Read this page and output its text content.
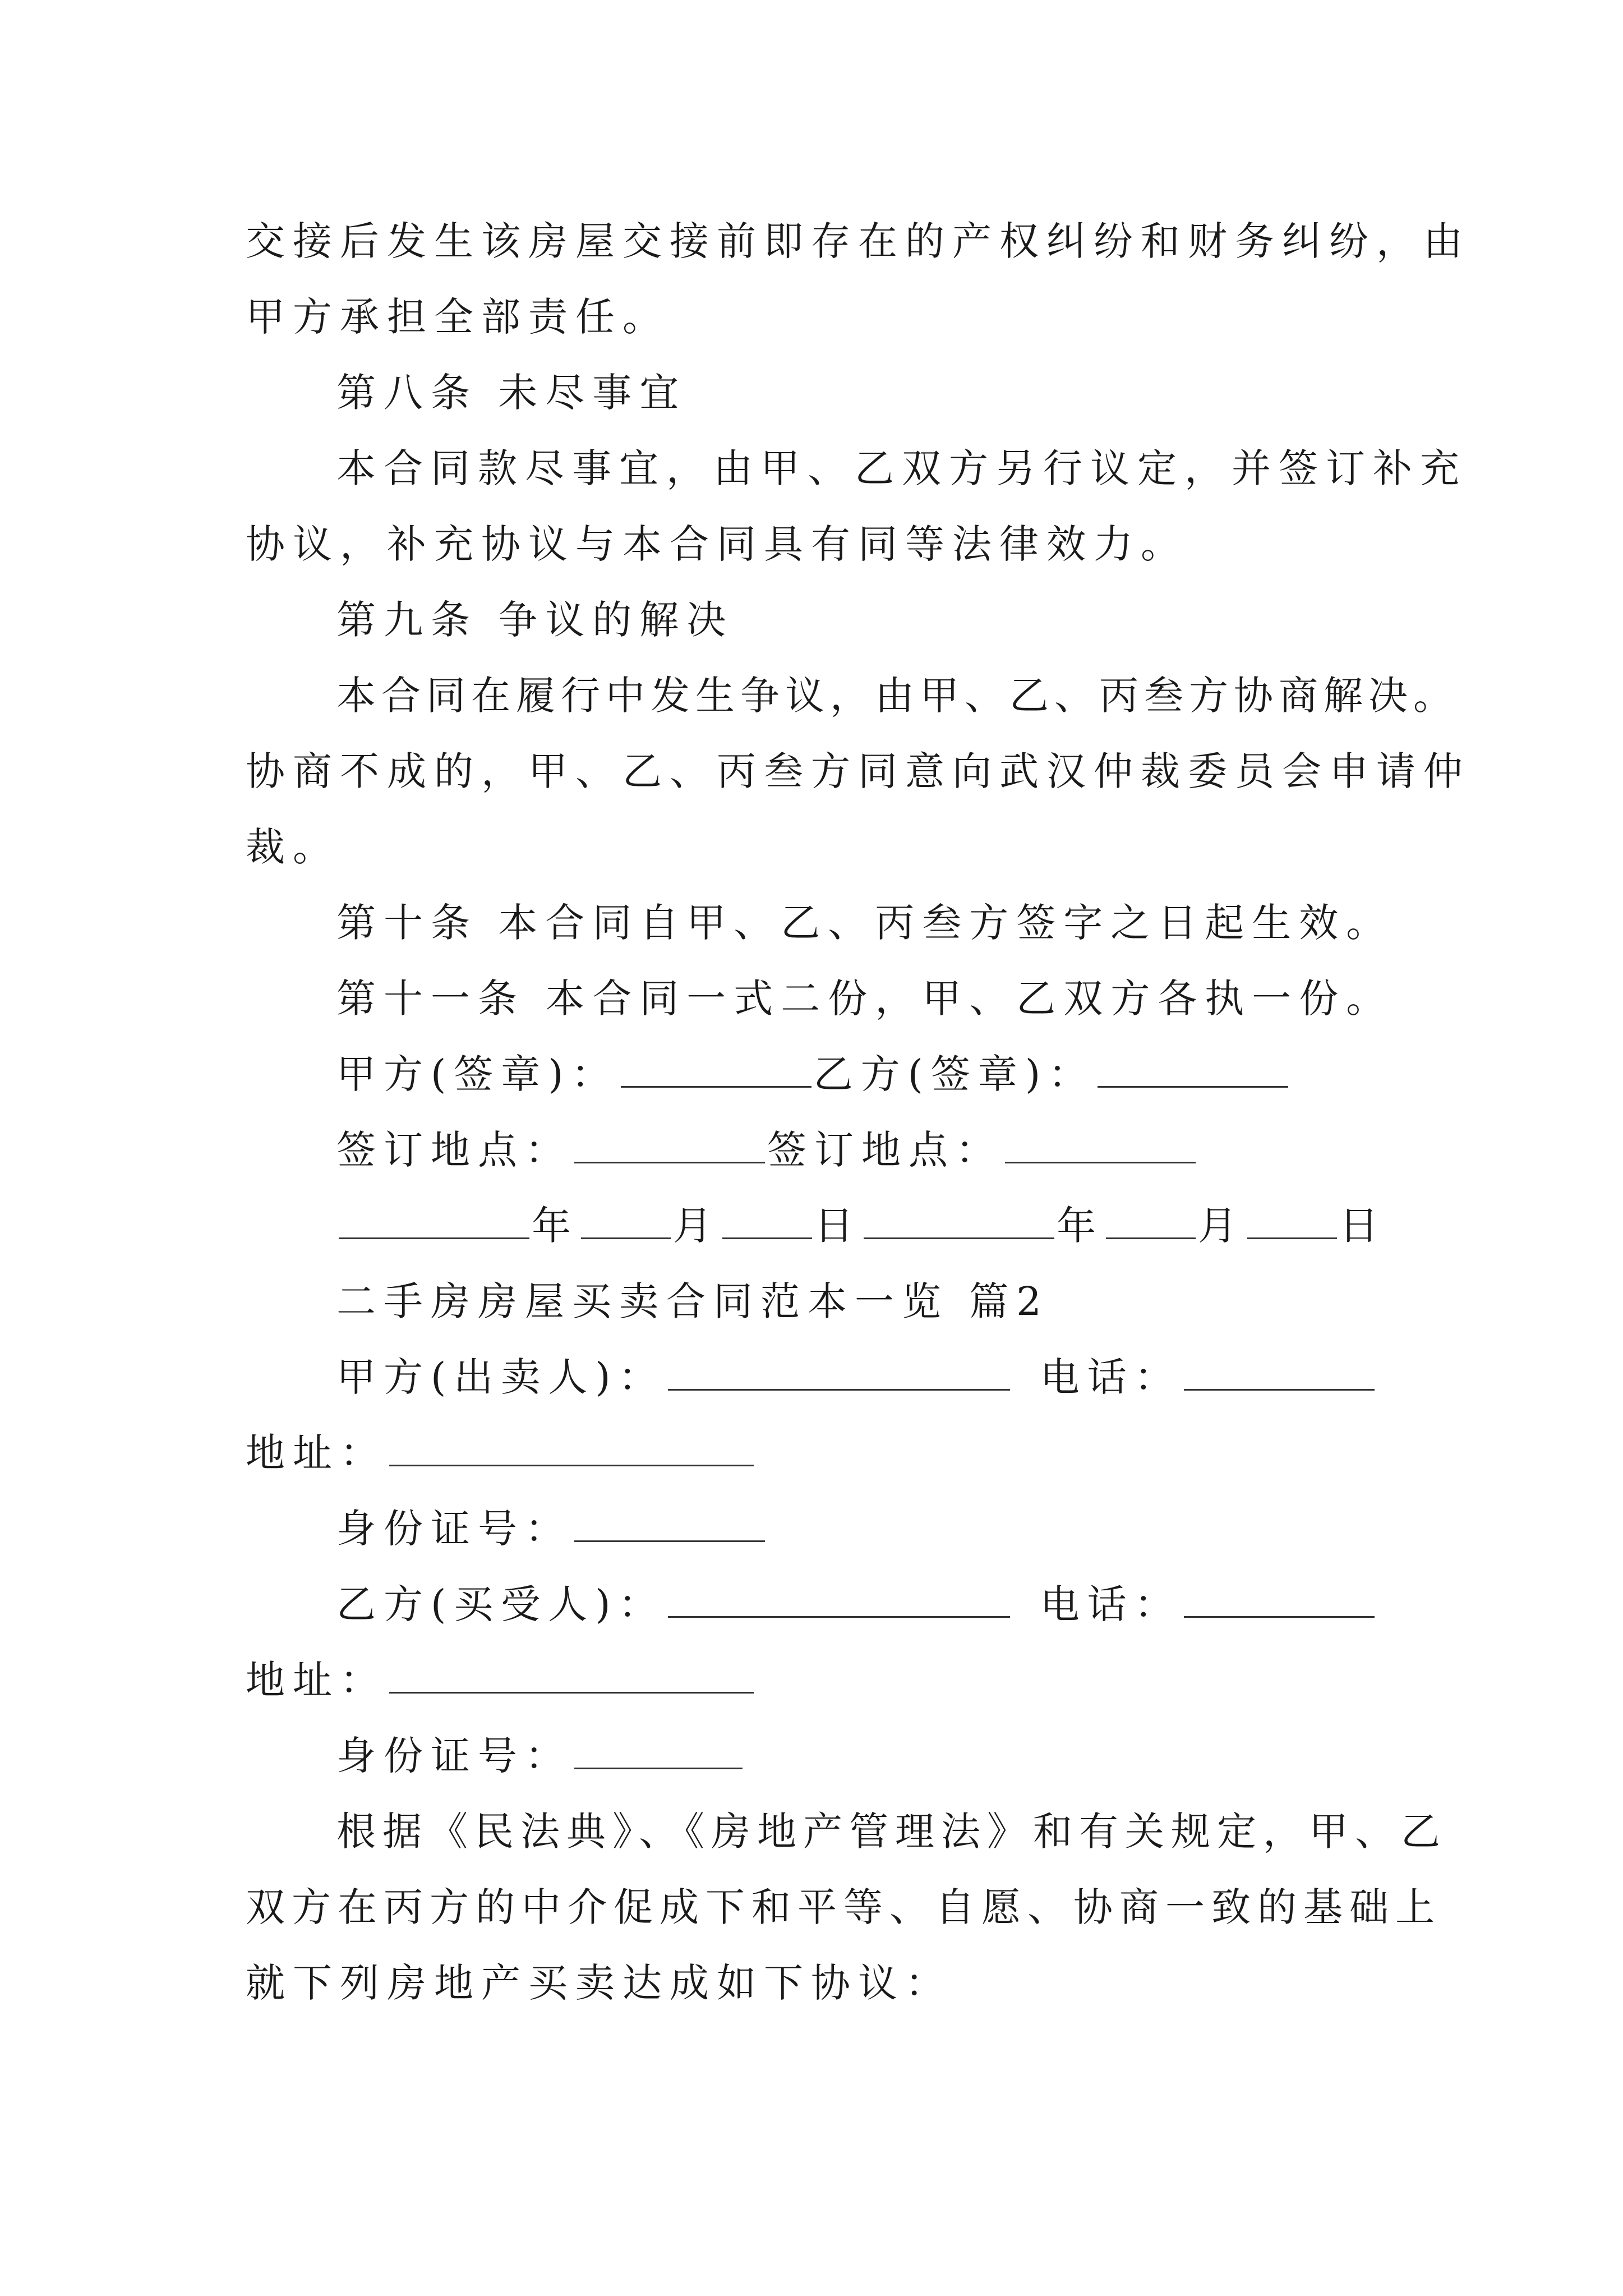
交接后发生该房屋交接前即存在的产权纠纷和财务纠纷，由
甲方承担全部责任。
第八条 未尽事宜
本合同款尽事宜，由甲、乙双方另行议定，并签订补充
协议，补充协议与本合同具有同等法律效力。
第九条 争议的解决
本合同在履行中发生争议，由甲、乙、丙叁方协商解决。
协商不成的，甲、乙、丙叁方同意向武汉仲裁委员会申请仲
裁。
第十条 本合同自甲、乙、丙叁方签字之日起生效。
第十一条 本合同一式二份，甲、乙双方各执一份。
甲方(签章)：	乙方(签章)：
签订地点：	签订地点：
年 月 日	年 月 日
二手房房屋买卖合同范本一览 篇2
甲方(出卖人)：	电话：
地址：
身份证号：
乙方(买受人)：	电话：
地址：
身份证号：
根据《民法典》、《房地产管理法》和有关规定，甲、乙
双方在丙方的中介促成下和平等、自愿、协商一致的基础上
就下列房地产买卖达成如下协议：
